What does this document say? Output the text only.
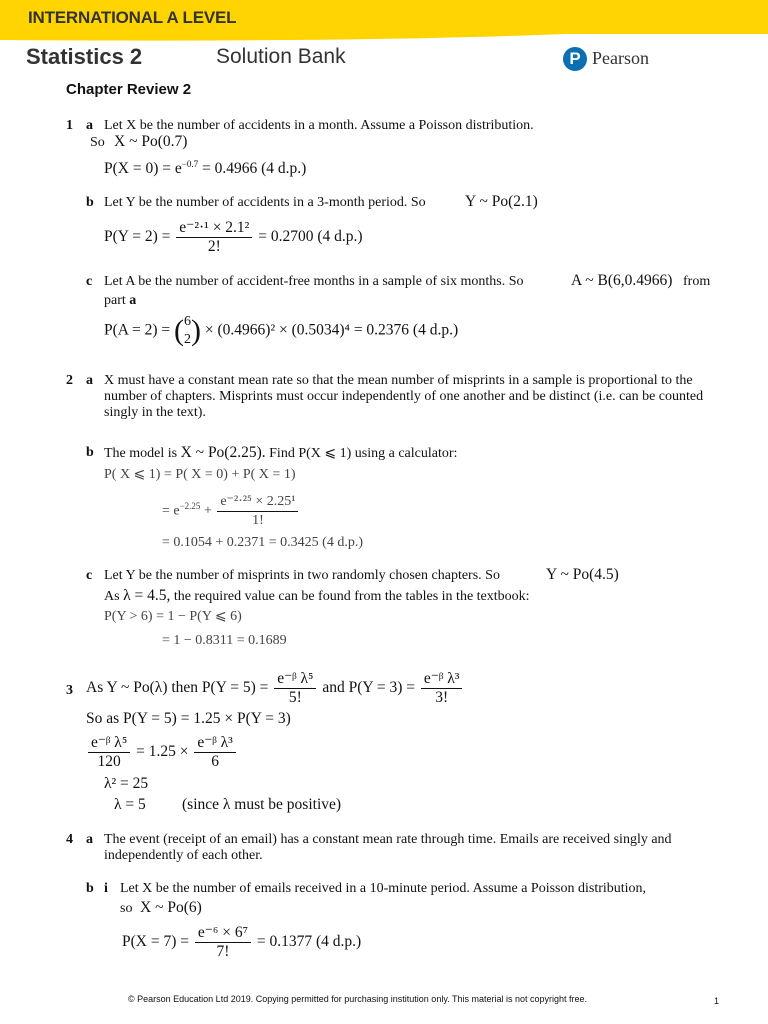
INTERNATIONAL A LEVEL
Statistics 2	Solution Bank	P Pearson
Chapter Review 2
1 a Let X be the number of accidents in a month. Assume a Poisson distribution.
So X ~ Po(0.7)
$P(X = 0) = e^{-0.7} = 0.4966$ (4 d.p.)
b Let Y be the number of accidents in a 3-month period. So	Y ~ Po(2.1)
$P(Y = 2) = \frac{\text{e⁻²·¹ × 2.1²}}{2!} = 0.2700$ (4 d.p.)
c Let A be the number of accident-free months in a sample of six months. So	A ~ B(6,0.4966) from
part a
P(A = 2) = (6
2) × (0.4966)² × (0.5034)⁴ = 0.2376 (4 d.p.)
2 a X must have a constant mean rate so that the mean number of misprints in a sample is proportional to the number of chapters. Misprints must occur independently of one another and be distinct (i.e. can be counted singly in the text).
b The model is X ~ Po(2.25). Find P(X ⩽ 1) using a calculator:
P( X ⩽ 1) = P( X = 0) + P( X = 1)
= $e^{-2.25} + \frac{\text{e⁻²·²⁵ × 2.25¹}}{1!}$
= 0.1054 + 0.2371 = 0.3425 (4 d.p.)
c Let Y be the number of misprints in two randomly chosen chapters. So	Y ~ Po(4.5)
As λ = 4.5, the required value can be found from the tables in the textbook:
P(Y > 6) = 1 − P(Y ⩽ 6)
= 1 − 0.8311 = 0.1689
3 As Y ~ Po(λ) then $P(Y = 5) = \frac{\text{e⁻ᵝ λ⁵}}{5!}$ and $P(Y = 3) = \frac{\text{e⁻ᵝ λ³}}{3!}$
So as P(Y = 5) = 1.25 × P(Y = 3)
$\frac{\text{e⁻ᵝ λ⁵}}{120} = 1.25 \times \frac{\text{e⁻ᵝ λ³}}{6}$
λ² = 25
λ = 5 (since λ must be positive)
4 a The event (receipt of an email) has a constant mean rate through time. Emails are received singly and independently of each other.
b i Let X be the number of emails received in a 10-minute period. Assume a Poisson distribution,
so X ~ Po(6)
$P(X = 7) = \frac{\text{e⁻⁶ × 6⁷}}{7!} = 0.1377$ (4 d.p.)
© Pearson Education Ltd 2019. Copying permitted for purchasing institution only. This material is not copyright free.	1
